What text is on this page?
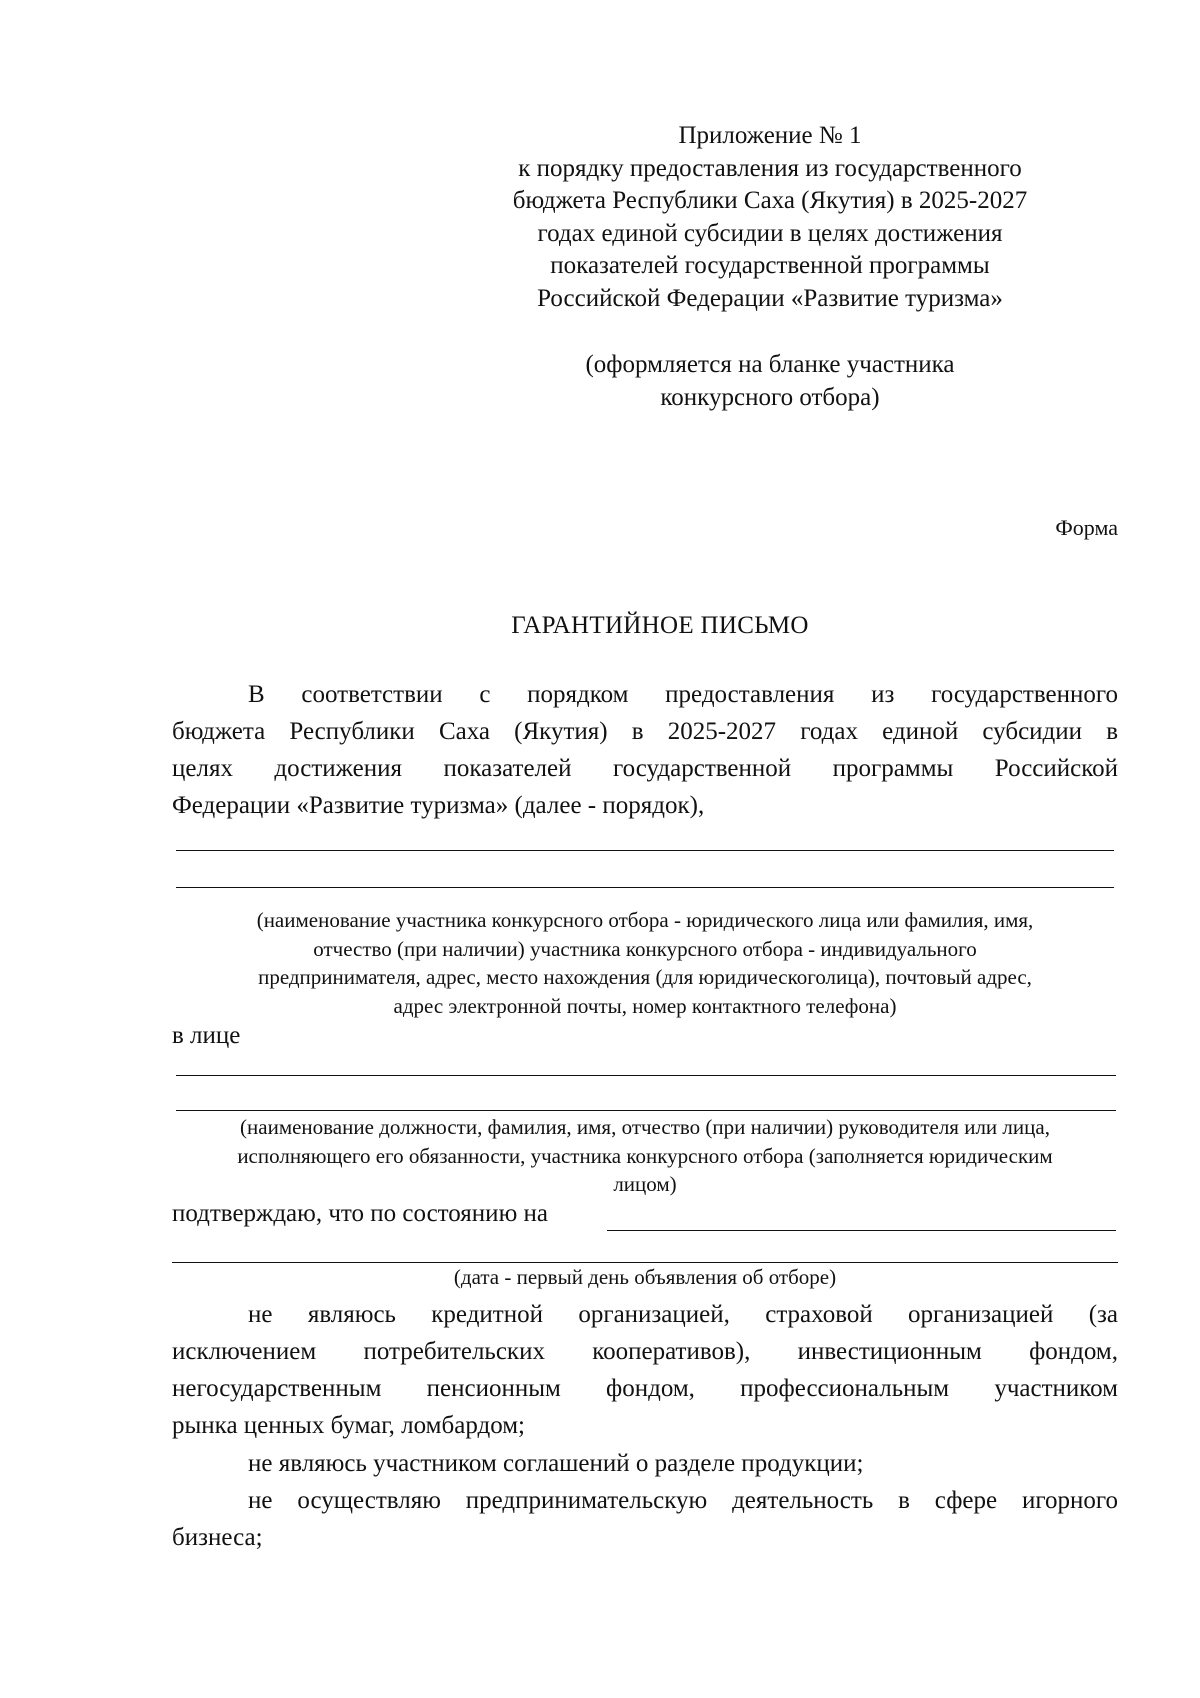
Приложение № 1
к порядку предоставления из государственного
бюджета Республики Саха (Якутия) в 2025-2027
годах единой субсидии в целях достижения
показателей государственной программы
Российской Федерации «Развитие туризма»
(оформляется на бланке участника
конкурсного отбора)
Форма
ГАРАНТИЙНОЕ ПИСЬМО
В соответствии с порядком предоставления из государственного
бюджета Республики Саха (Якутия) в 2025-2027 годах единой субсидии в
целях достижения показателей государственной программы Российской
Федерации «Развитие туризма» (далее - порядок),
(наименование участника конкурсного отбора - юридического лица или фамилия, имя,
отчество (при наличии) участника конкурсного отбора - индивидуального
предпринимателя, адрес, место нахождения (для юридическоголица), почтовый адрес,
адрес электронной почты, номер контактного телефона)
в лице
(наименование должности, фамилия, имя, отчество (при наличии) руководителя или лица,
исполняющего его обязанности, участника конкурсного отбора (заполняется юридическим
лицом)
подтверждаю, что по состоянию на
(дата - первый день объявления об отборе)
не являюсь кредитной организацией, страховой организацией (за
исключением потребительских кооперативов), инвестиционным фондом,
негосударственным пенсионным фондом, профессиональным участником
рынка ценных бумаг, ломбардом;
не являюсь участником соглашений о разделе продукции;
не осуществляю предпринимательскую деятельность в сфере игорного
бизнеса;
